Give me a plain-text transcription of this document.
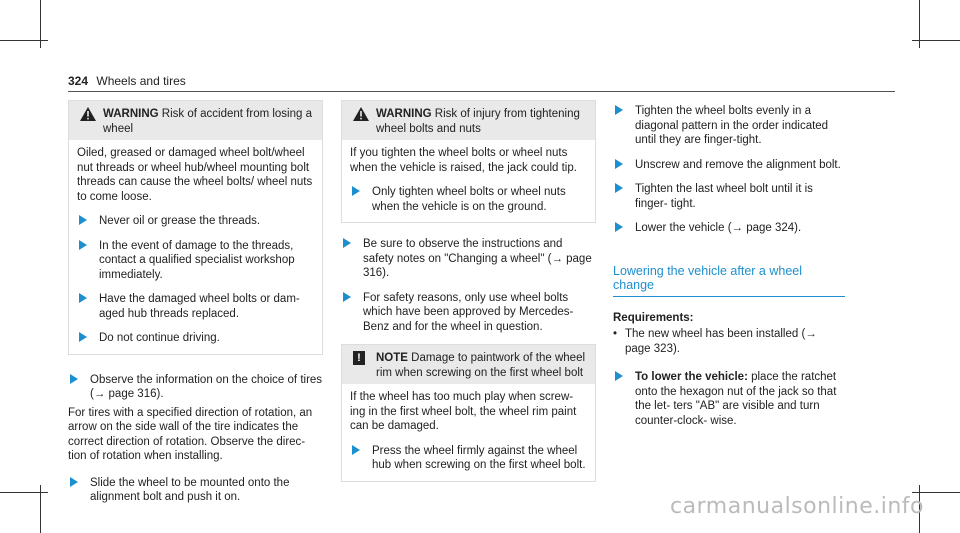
324 Wheels and tires
WARNING Risk of accident from losing a wheel

Oiled, greased or damaged wheel bolt/wheel nut threads or wheel hub/wheel mounting bolt threads can cause the wheel bolts/ wheel nuts to come loose.

Never oil or grease the threads.
In the event of damage to the threads, contact a qualified specialist workshop immediately.
Have the damaged wheel bolts or dam‑ aged hub threads replaced.
Do not continue driving.
Observe the information on the choice of tires (→ page 316).

For tires with a specified direction of rotation, an arrow on the side wall of the tire indicates the correct direction of rotation. Observe the direc‑ tion of rotation when installing.

Slide the wheel to be mounted onto the alignment bolt and push it on.
WARNING Risk of injury from tightening wheel bolts and nuts

If you tighten the wheel bolts or wheel nuts when the vehicle is raised, the jack could tip.

Only tighten wheel bolts or wheel nuts when the vehicle is on the ground.
Be sure to observe the instructions and safety notes on "Changing a wheel" (→ page 316).
For safety reasons, only use wheel bolts which have been approved by Mercedes‑ Benz and for the wheel in question.
!	NOTE Damage to paintwork of the wheel rim when screwing on the first wheel bolt

If the wheel has too much play when screw‑ ing in the first wheel bolt, the wheel rim paint can be damaged.

Press the wheel firmly against the wheel hub when screwing on the first wheel bolt.
Tighten the wheel bolts evenly in a diagonal pattern in the order indicated until they are finger‑tight.
Unscrew and remove the alignment bolt.
Tighten the last wheel bolt until it is finger‑ tight.
Lower the vehicle (→ page 324).
Lowering the vehicle after a wheel change
Requirements:
• The new wheel has been installed (→ page 323).
To lower the vehicle: place the ratchet onto the hexagon nut of the jack so that the let‑ ters "AB" are visible and turn counter‑clock‑ wise.
carmanualsonline.info
